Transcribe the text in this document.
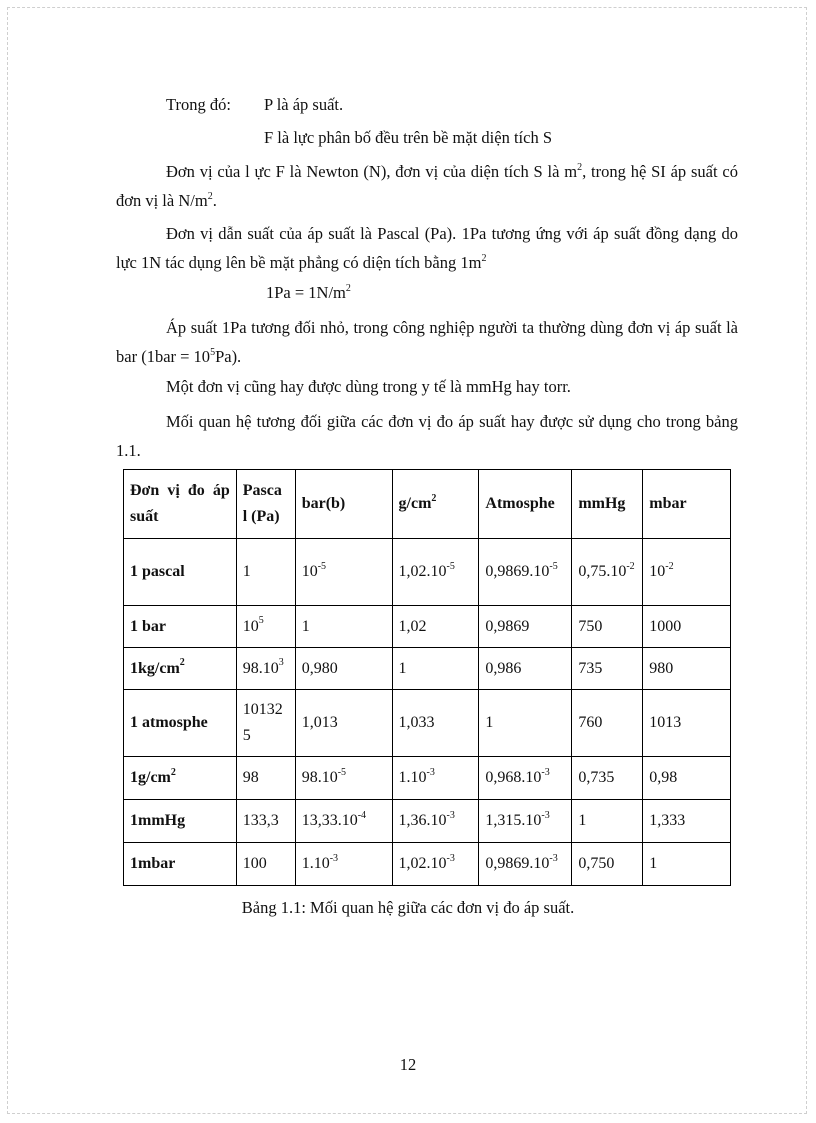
Trong đó: P là áp suất.
F là lực phân bố đều trên bề mặt diện tích S
Đơn vị của l ực F là Newton (N), đơn vị của diện tích S là $m^2$, trong hệ SI áp suất có đơn vị là $N/m^2$.
Đơn vị dẫn suất của áp suất là Pascal (Pa). 1Pa tương ứng với áp suất đồng dạng do lực 1N tác dụng lên bề mặt phẳng có diện tích bằng $1m^2$
$1Pa = 1N/m^2$
Áp suất 1Pa tương đối nhỏ, trong công nghiệp người ta thường dùng đơn vị áp suất là bar $(1bar = 10^5Pa)$.
Một đơn vị cũng hay được dùng trong y tế là mmHg hay torr.
Mối quan hệ tương đối giữa các đơn vị đo áp suất hay được sử dụng cho trong bảng 1.1.
Đơn vị đo áp suất	Pasca l (Pa)	bar(b)	$g/cm^2$	Atmosphe	mmHg	mbar
1 pascal	1	$10^{-5}$	$1,02.10^{-5}$	$0,9869.10^{-5}$	$0,75.10^{-2}$	$10^{-2}$
1 bar	$10^5$	1	1,02	0,9869	750	1000
$1kg/cm^2$	98.10$^3$	0,980	1	0,986	735	980
1 atmosphe	101325	1,013	1,033	1	760	1013
$1g/cm^2$	98	$98.10^{-5}$	$1.10^{-3}$	$0,968.10^{-3}$	0,735	0,98
1mmHg	133,3	$13,33.10^{-4}$	$1,36.10^{-3}$	$1,315.10^{-3}$	1	1,333
1mbar	100	$1.10^{-3}$	$1,02.10^{-3}$	$0,9869.10^{-3}$	0,750	1
Bảng 1.1: Mối quan hệ giữa các đơn vị đo áp suất.
12
